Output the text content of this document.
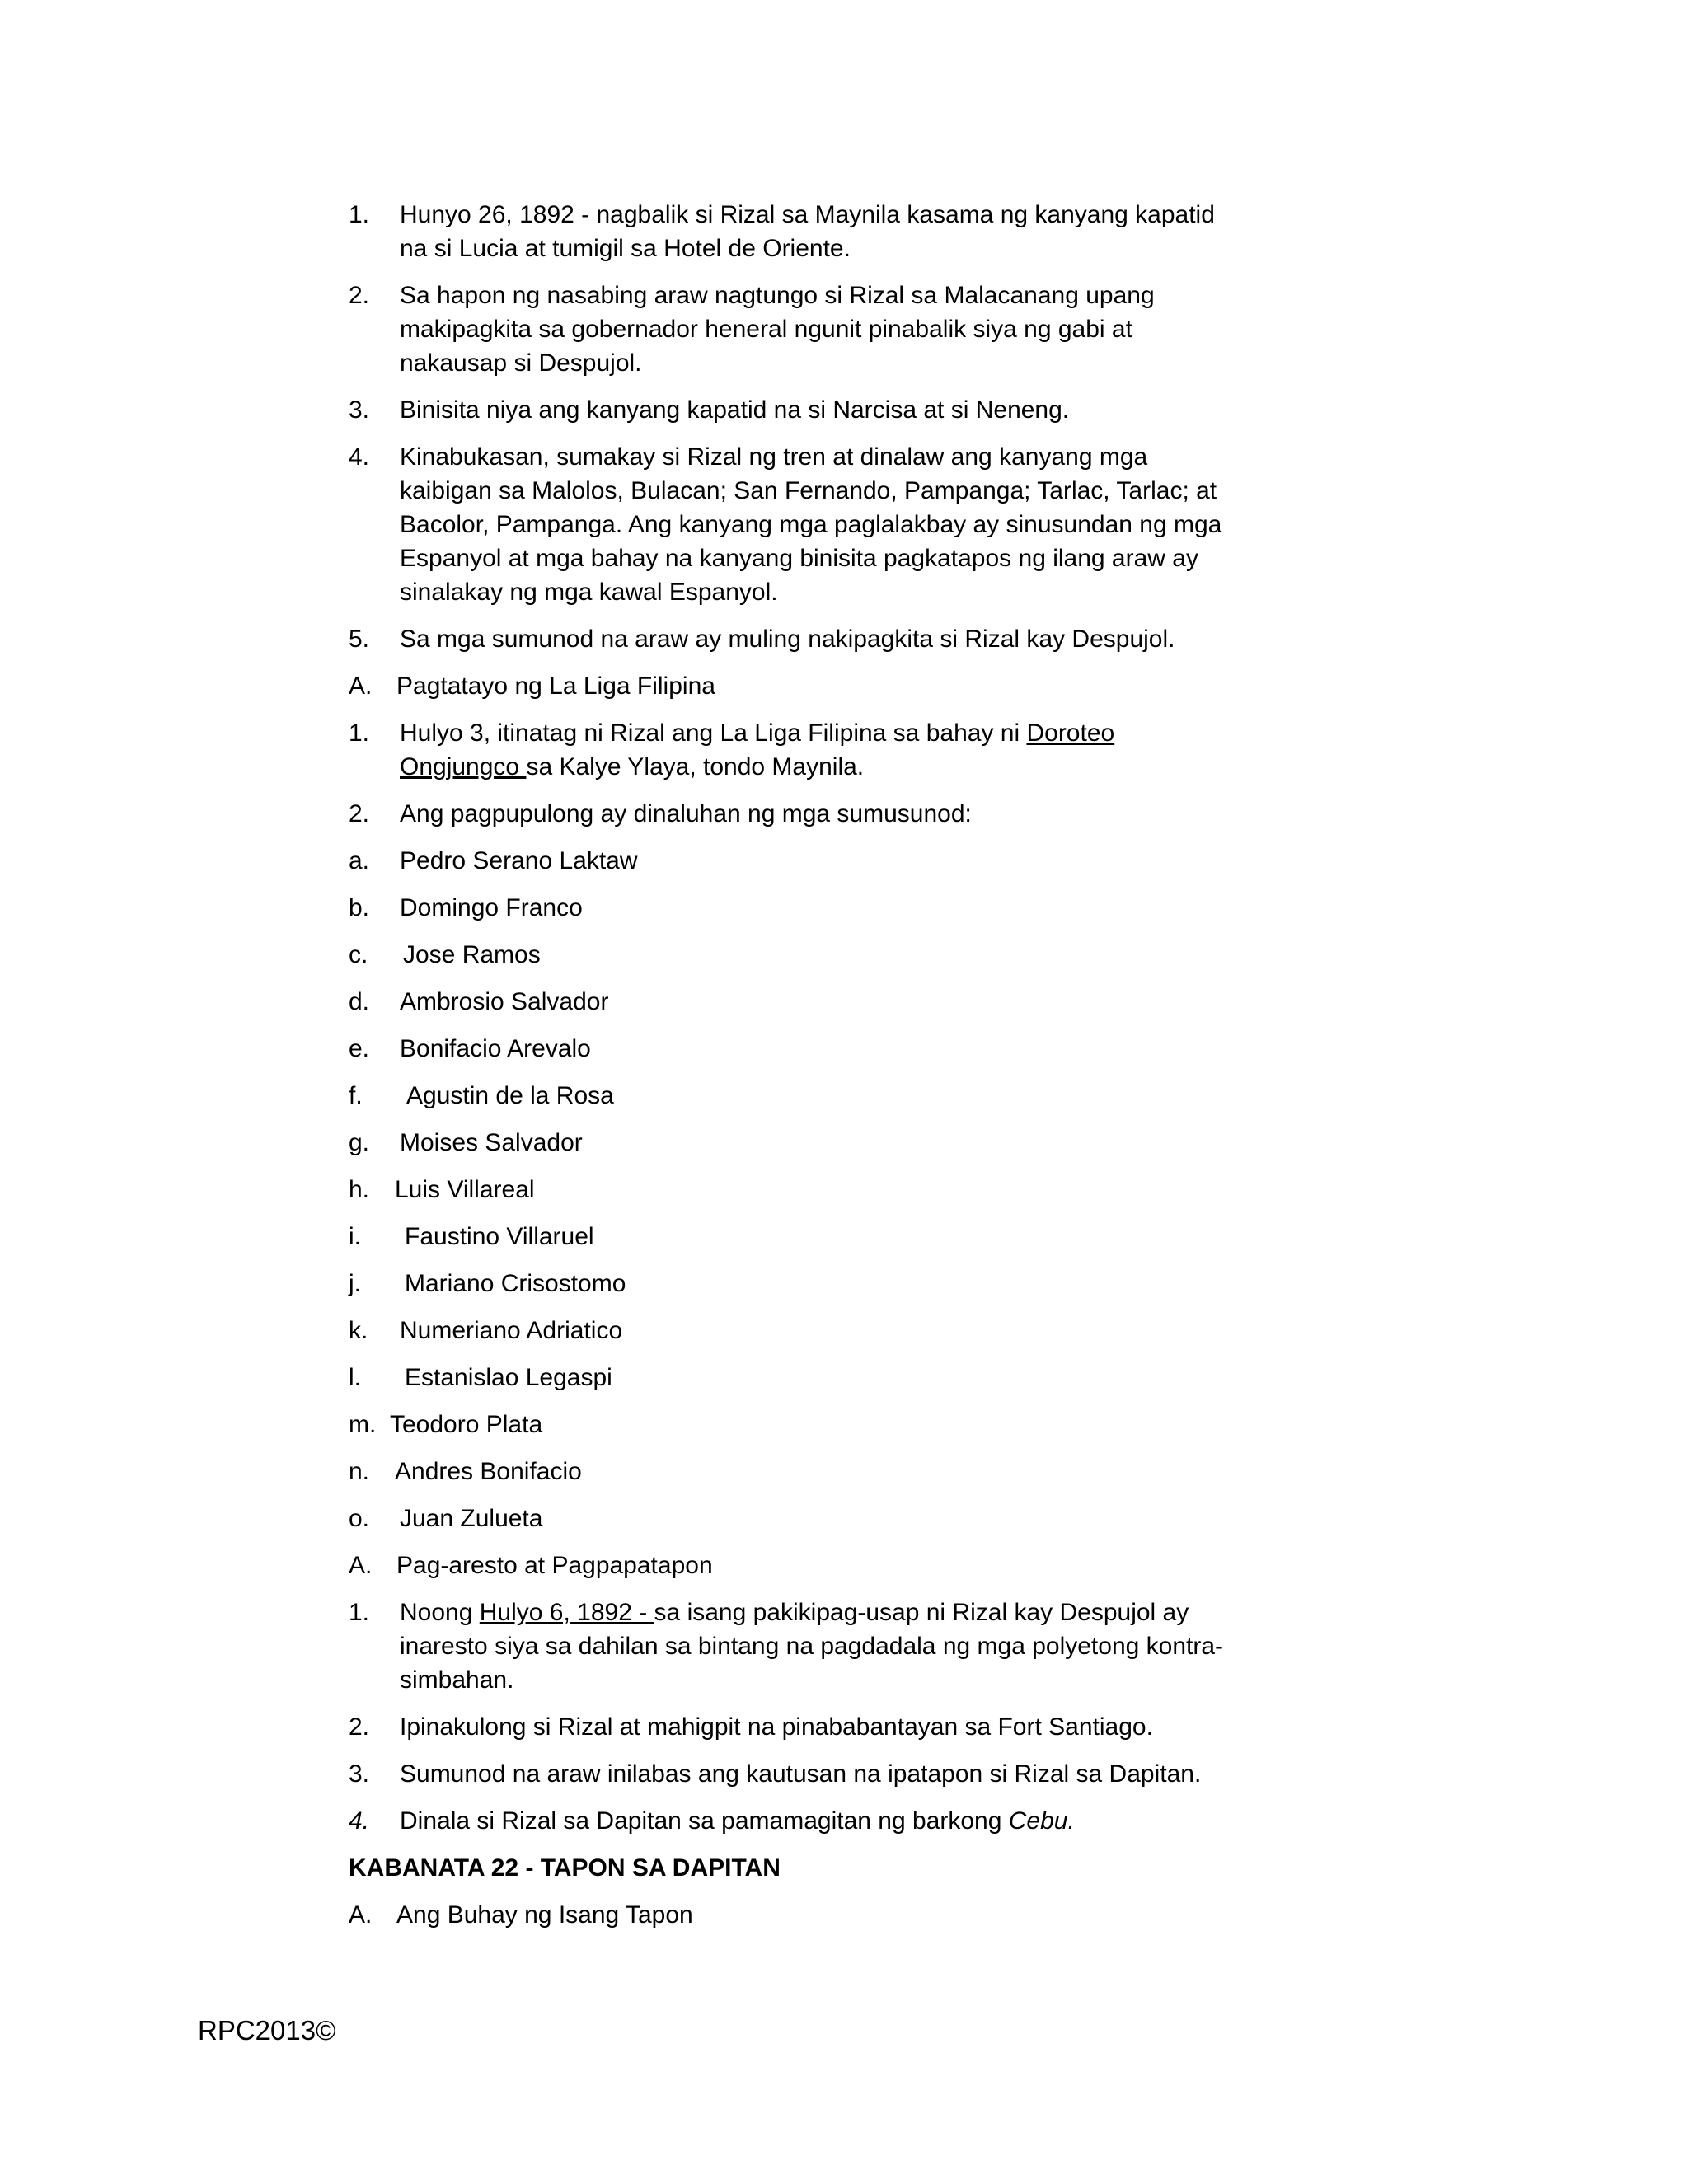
1. Hunyo 26, 1892 - nagbalik si Rizal sa Maynila kasama ng kanyang kapatid na si Lucia at tumigil sa Hotel de Oriente.
2. Sa hapon ng nasabing araw nagtungo si Rizal sa Malacanang upang makipagkita sa gobernador heneral ngunit pinabalik siya ng gabi at nakausap si Despujol.
3. Binisita niya ang kanyang kapatid na si Narcisa at si Neneng.
4. Kinabukasan, sumakay si Rizal ng tren at dinalaw ang kanyang mga kaibigan sa Malolos, Bulacan; San Fernando, Pampanga; Tarlac, Tarlac; at Bacolor, Pampanga. Ang kanyang mga paglalakbay ay sinusundan ng mga Espanyol at mga bahay na kanyang binisita pagkatapos ng ilang araw ay sinalakay ng mga kawal Espanyol.
5. Sa mga sumunod na araw ay muling nakipagkita si Rizal kay Despujol.
A. Pagtatayo ng La Liga Filipina
1. Hulyo 3, itinatag ni Rizal ang La Liga Filipina sa bahay ni Doroteo Ongjungco sa Kalye Ylaya, tondo Maynila.
2. Ang pagpupulong ay dinaluhan ng mga sumusunod:
a. Pedro Serano Laktaw
b. Domingo Franco
c. Jose Ramos
d. Ambrosio Salvador
e. Bonifacio Arevalo
f. Agustin de la Rosa
g. Moises Salvador
h. Luis Villareal
i. Faustino Villaruel
j. Mariano Crisostomo
k. Numeriano Adriatico
l. Estanislao Legaspi
m. Teodoro Plata
n. Andres Bonifacio
o. Juan Zulueta
A. Pag-aresto at Pagpapatapon
1. Noong Hulyo 6, 1892 - sa isang pakikipag-usap ni Rizal kay Despujol ay inaresto siya sa dahilan sa bintang na pagdadala ng mga polyetong kontra-simbahan.
2. Ipinakulong si Rizal at mahigpit na pinababantayan sa Fort Santiago.
3. Sumunod na araw inilabas ang kautusan na ipatapon si Rizal sa Dapitan.
4. Dinala si Rizal sa Dapitan sa pamamagitan ng barkong Cebu.
KABANATA 22 - TAPON SA DAPITAN
A. Ang Buhay ng Isang Tapon
RPC2013©
